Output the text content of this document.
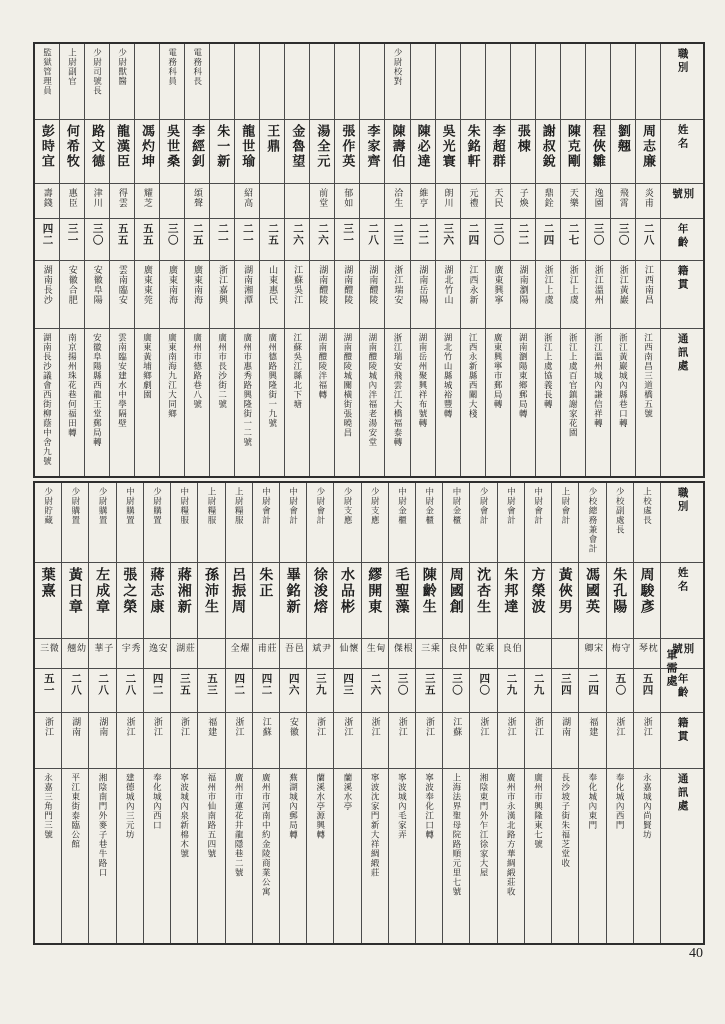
職別
姓名
別號
年齡
籍貫
通訊處
周志廉
炎甫
二八
江西南昌
江西南昌三道橋五號
劉翹
飛霄
三〇
浙江黃巖
浙江黃巖城內縣巷口轉
程俠雛
逸園
三〇
浙江溫州
浙江溫州城內謙信祥轉
陳克剛
天樂
二七
浙江上虞
浙江上虞百官鎮謝家花園
謝叔銳
鼎銓
二四
浙江上虞
浙江上虞協義長轉
張棟
子煥
二二
湖南瀏陽
湖南瀏陽東鄉郵局轉
李超群
天民
三〇
廣東興寧
廣東興寧市郵局轉
朱銘軒
元禮
二四
江西永新
江西永新縣西關大棧
吳光寰
朗川
三六
湖北竹山
湖北竹山縣城裕豐轉
陳必達
維亨
二二
湖南岳陽
湖南岳州聚興祥布號轉
少尉校對
陳壽伯
洽生
二三
浙江瑞安
浙江瑞安飛雲江大橋福泰轉
李家齊
二八
湖南醴陵
湖南醴陵城內泮福老湯安堂
張作英
郁如
三一
湖南醴陵
湖南醴陵城關橫街張曉昌
湯全元
前堂
二六
湖南醴陵
湖南醴陵泮福轉
金魯望
二六
江蘇吳江
江蘇吳江縣北下塘
王鼎
二五
山東惠民
廣州德路興隆街一九號
龍世瑜
紹高
二一
湖南湘潭
廣州市惠秀路興隆街一二號
朱一新
二一
浙江嘉興
廣州市長沙街二號
電務科長
李經釗
頌聲
二五
廣東南海
廣州市德路巷八號
電務科員
吳世桑
三〇
廣東南海
廣東南海九江大同鄉
馮灼坤
耀芝
五五
廣東東莞
廣東黃埔鄉劇園
少尉獸醫
龍漢臣
得雲
五五
雲南臨安
雲南臨安建水中學隔壁
少尉司號長
路文德
津川
三〇
安徽阜陽
安徽阜陽縣西龍王堂郵局轉
上尉副官
何希牧
惠臣
三一
安徽合肥
南京揚州珠花巷何福田轉
監獄管理員
彭時宜
壽錢
四二
湖南長沙
湖南長沙議會西街柳蔭中舍九號
軍需處
職別
姓名
別號
年齡
籍貫
通訊處
上校處長
周駿彥
枕琴
五四
浙江
永嘉城內尚賢坊
少校副處長
朱孔陽
守梅
五〇
浙江
奉化城內西門
少校總務兼會計
馮國英
宋卿
二四
福建
奉化城內東門
上尉會計
黃俠男
三四
湖南
長沙坡子街朱福芝堂收
中尉會計
方榮波
二九
浙江
廣州市興隆東七號
中尉會計
朱邦達
伯良
二九
浙江
廣州市永漢北路方華綢緞莊收
少尉會計
沈杏生
乘乾
四〇
浙江
湘陰東門外乍江徐家大屋
中尉金櫃
周國創
仲良
三〇
江蘇
上海法界聖母院路順元里七號
中尉金櫃
陳齡生
乘三
三五
浙江
寧波奉化江口轉
中尉金櫃
毛聖藻
根傑
三〇
浙江
寧波城內毛家弄
少尉支應
繆開東
甸生
二六
浙江
寧波沈家門新大祥綢緞莊
少尉支應
水品彬
懷仙
四三
浙江
蘭溪水亭
少尉會計
徐浚熔
尹斌
三九
浙江
蘭溪水亭源興轉
中尉會計
畢銘新
邑吾
四六
安徽
蕪湖城內郵局轉
中尉會計
朱正
莊甫
四二
江蘇
廣州市河南中約金陵商業公寓
上尉糧服
呂振周
燿全
四二
浙江
廣州市蓮花井龍隱巷二號
上尉糧服
孫沛生
五三
福建
福州市仙南路五四號
中尉糧服
蔣湘新
莊湖
三五
浙江
寧波城內泉新棉木號
少尉購置
蔣志康
安逸
四二
浙江
奉化城內西口
中尉購置
張之榮
秀宇
二八
浙江
建德城內三元坊
少尉購置
左成章
子華
二八
湖南
湘陰南門外麥子巷牛路口
少尉購置
黃日章
幼翹
二八
湖南
平江東街泰臨公館
少尉貯藏
葉熹
微三
五一
浙江
永嘉三角門三號
40
